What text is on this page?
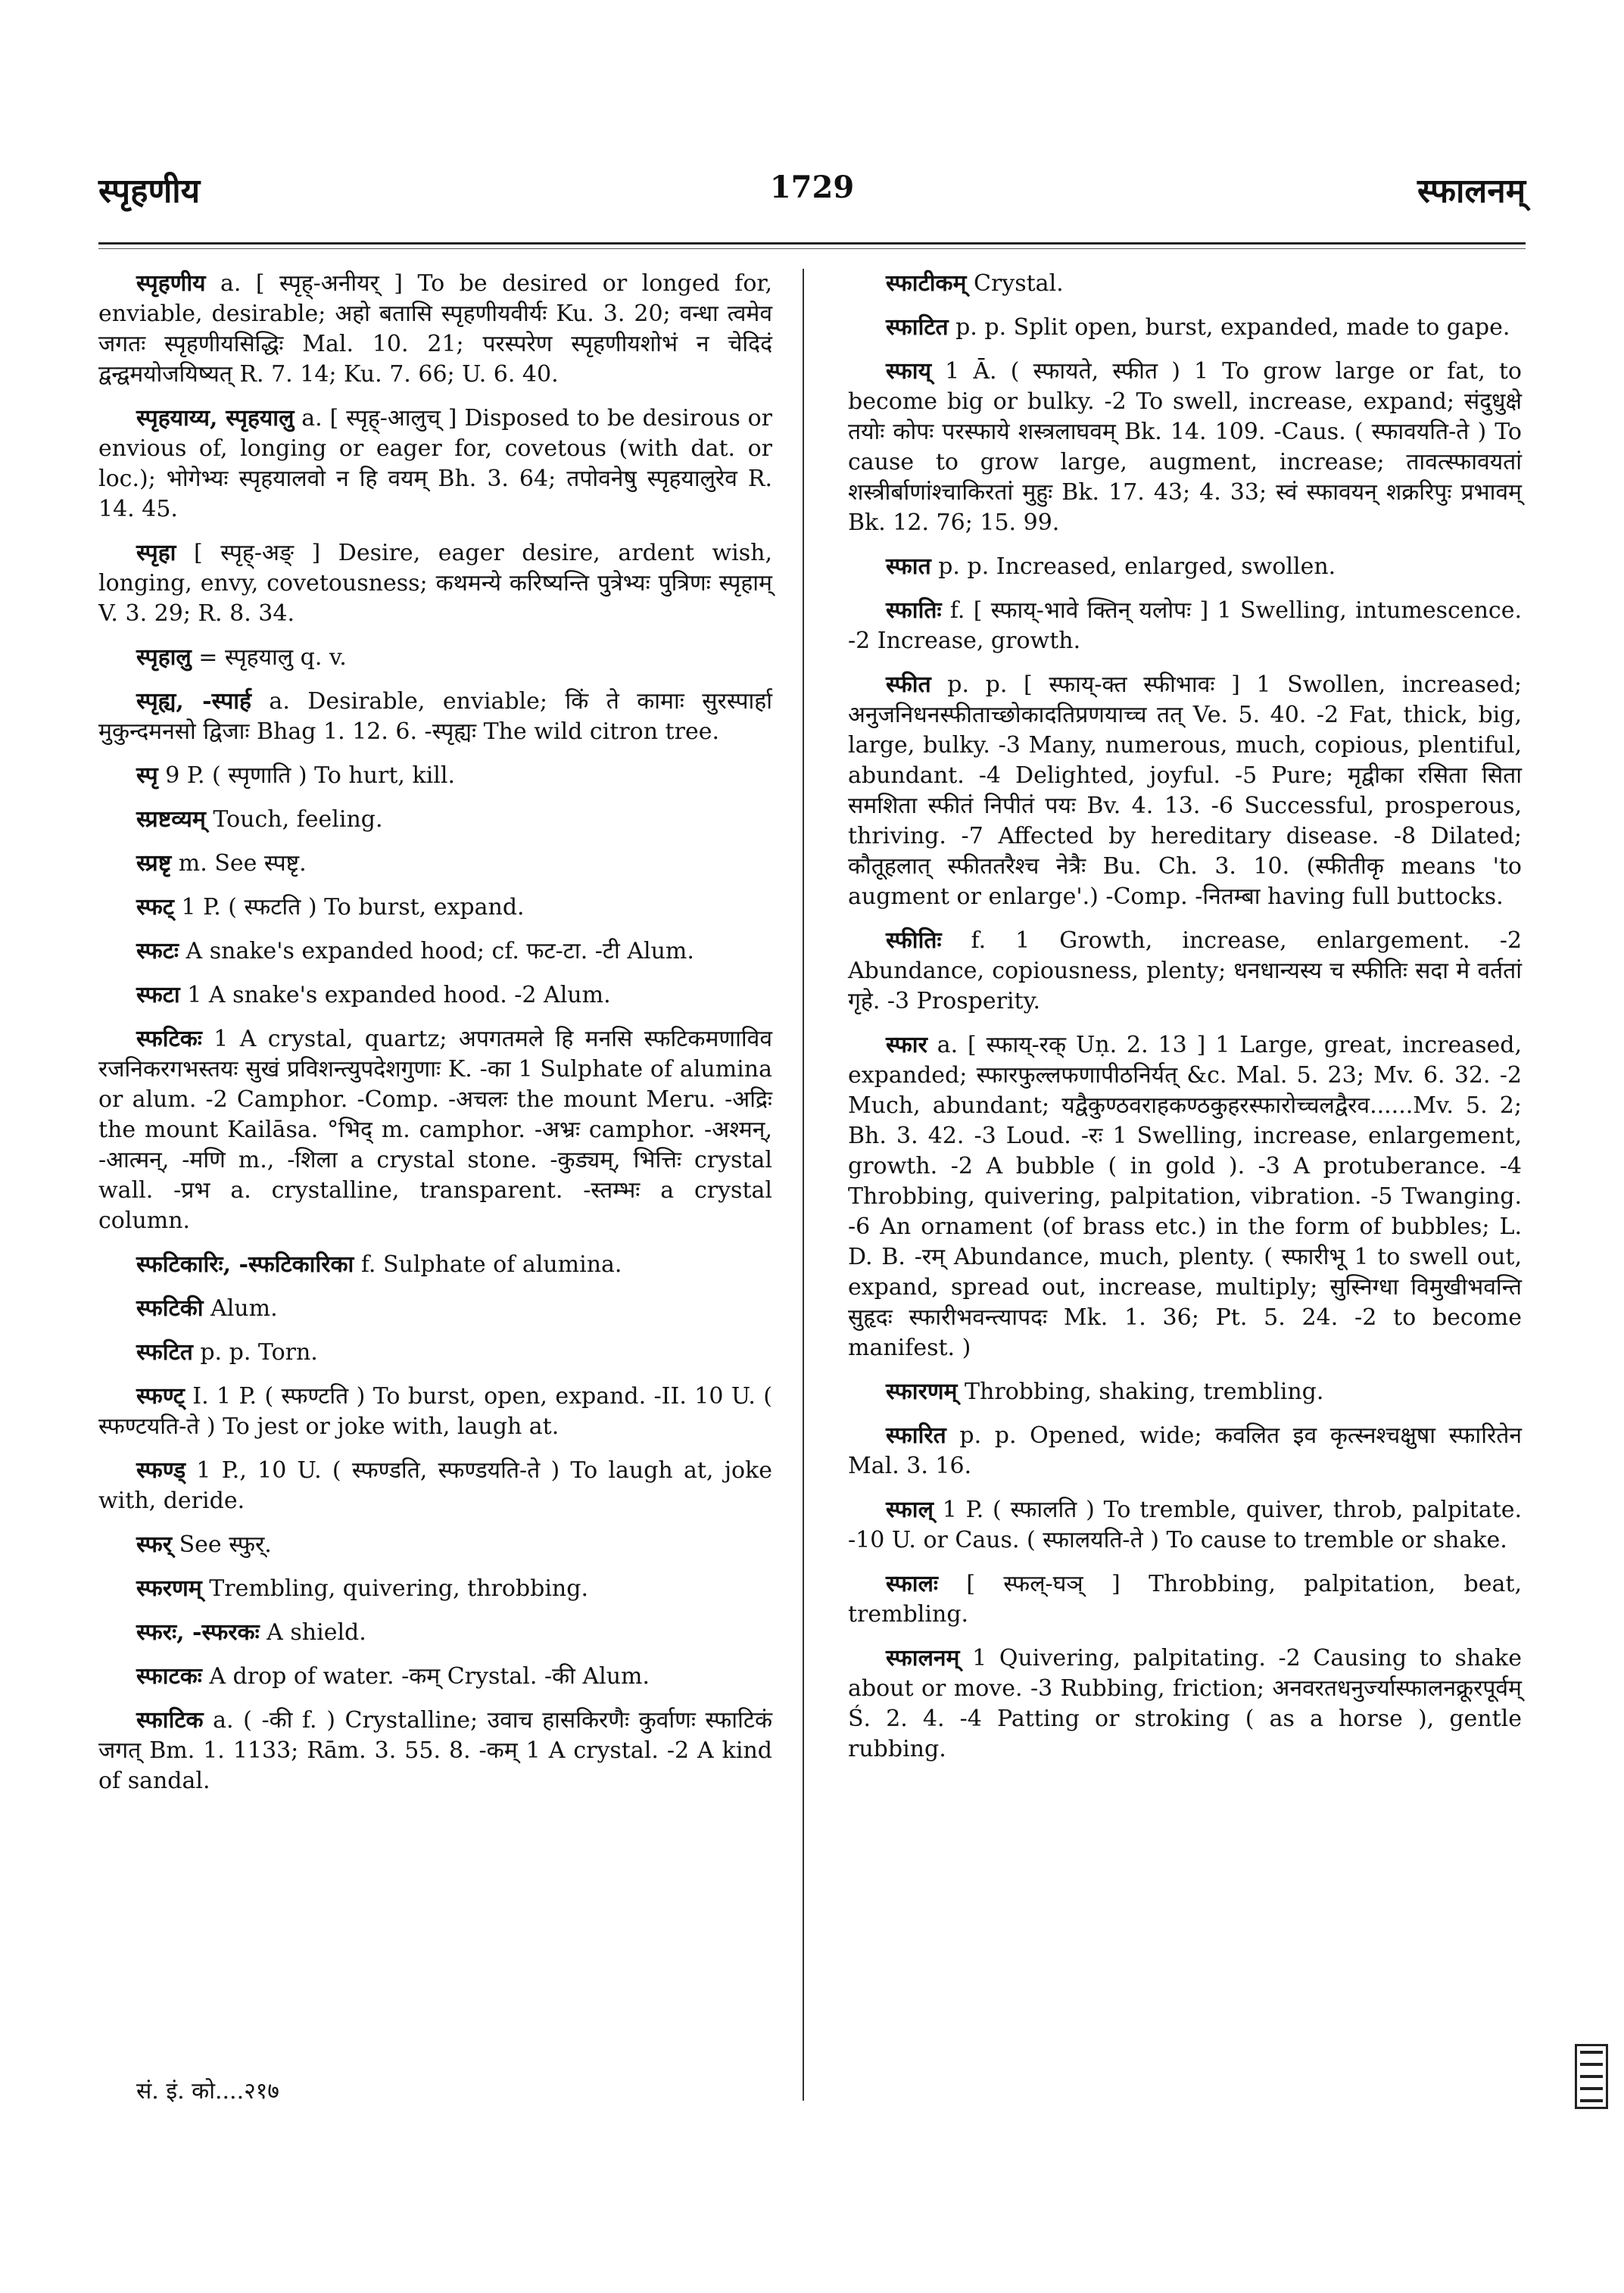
स्पृहणीय	1729	स्फालनम्

स्पृहणीय a. [ स्पृह्-अनीयर् ] To be desired or longed for, enviable, desirable; अहो बतासि स्पृहणीयवीर्यः Ku. 3. 20; वन्धा त्वमेव जगतः स्पृहणीयसिद्धिः Mal. 10. 21; परस्परेण स्पृहणीयशोभं न चेदिदं द्वन्द्वमयोजयिष्यत् R. 7. 14; Ku. 7. 66; U. 6. 40.

स्पृहयाय्य, स्पृहयालु a. [ स्पृह्-आलुच् ] Disposed to be desirous or envious of, longing or eager for, covetous (with dat. or loc.); भोगेभ्यः स्पृहयालवो न हि वयम् Bh. 3. 64; तपोवनेषु स्पृहयालुरेव R. 14. 45.

स्पृहा [ स्पृह्-अङ् ] Desire, eager desire, ardent wish, longing, envy, covetousness; कथमन्ये करिष्यन्ति पुत्रेभ्यः पुत्रिणः स्पृहाम् V. 3. 29; R. 8. 34.

स्पृहालु = स्पृहयालु q. v.

स्पृह्य, -स्पार्ह a. Desirable, enviable; किं ते कामाः सुरस्पार्हा मुकुन्दमनसो द्विजाः Bhag 1. 12. 6. -स्पृह्यः The wild citron tree.

स्पृ 9 P. ( स्पृणाति ) To hurt, kill.

स्प्रष्टव्यम् Touch, feeling.

स्प्रष्टृ m. See स्पष्टृ.

स्फट् 1 P. ( स्फटति ) To burst, expand.

स्फटः A snake's expanded hood; cf. फट-टा. -टी Alum.

स्फटा 1 A snake's expanded hood. -2 Alum.

स्फटिकः 1 A crystal, quartz; अपगतमले हि मनसि स्फटिकमणाविव रजनिकरगभस्तयः सुखं प्रविशन्त्युपदेशगुणाः K. -का 1 Sulphate of alumina or alum. -2 Camphor. -Comp. -अचलः the mount Meru. -अद्रिः the mount Kailāsa. °भिद् m. camphor. -अभ्रः camphor. -अश्मन्, -आत्मन्, -मणि m., -शिला a crystal stone. -कुड्यम्, भित्तिः crystal wall. -प्रभ a. crystalline, transparent. -स्तम्भः a crystal column.

स्फटिकारिः, -स्फटिकारिका f. Sulphate of alumina.

स्फटिकी Alum.

स्फटित p. p. Torn.

स्फण्ट् I. 1 P. ( स्फण्टति ) To burst, open, expand. -II. 10 U. ( स्फण्टयति-ते ) To jest or joke with, laugh at.

स्फण्ड् 1 P., 10 U. ( स्फण्डति, स्फण्डयति-ते ) To laugh at, joke with, deride.

स्फर् See स्फुर्.

स्फरणम् Trembling, quivering, throbbing.

स्फरः, -स्फरकः A shield.

स्फाटकः A drop of water. -कम् Crystal. -की Alum.

स्फाटिक a. ( -की f. ) Crystalline; उवाच हासकिरणैः कुर्वाणः स्फाटिकं जगत् Bm. 1. 1133; Rām. 3. 55. 8. -कम् 1 A crystal. -2 A kind of sandal.

स्फाटीकम् Crystal.

स्फाटित p. p. Split open, burst, expanded, made to gape.

स्फाय् 1 Ā. ( स्फायते, स्फीत ) 1 To grow large or fat, to become big or bulky. -2 To swell, increase, expand; संदुधुक्षे तयोः कोपः परस्फाये शस्त्रलाघवम् Bk. 14. 109. -Caus. ( स्फावयति-ते ) To cause to grow large, augment, increase; तावत्स्फावयतां शस्त्रीर्बाणांश्चाकिरतां मुहुः Bk. 17. 43; 4. 33; स्वं स्फावयन् शक्ररिपुः प्रभावम् Bk. 12. 76; 15. 99.

स्फात p. p. Increased, enlarged, swollen.

स्फातिः f. [ स्फाय्-भावे क्तिन् यलोपः ] 1 Swelling, intumescence. -2 Increase, growth.

स्फीत p. p. [ स्फाय्-क्त स्फीभावः ] 1 Swollen, increased; अनुजनिधनस्फीताच्छोकादतिप्रणयाच्च तत् Ve. 5. 40. -2 Fat, thick, big, large, bulky. -3 Many, numerous, much, copious, plentiful, abundant. -4 Delighted, joyful. -5 Pure; मृद्वीका रसिता सिता समशिता स्फीतं निपीतं पयः Bv. 4. 13. -6 Successful, prosperous, thriving. -7 Affected by hereditary disease. -8 Dilated; कौतूहलात् स्फीततरैश्च नेत्रैः Bu. Ch. 3. 10. (स्फीतीकृ means 'to augment or enlarge'.) -Comp. -नितम्बा having full buttocks.

स्फीतिः f. 1 Growth, increase, enlargement. -2 Abundance, copiousness, plenty; धनधान्यस्य च स्फीतिः सदा मे वर्ततां गृहे. -3 Prosperity.

स्फार a. [ स्फाय्-रक् Uṇ. 2. 13 ] 1 Large, great, increased, expanded; स्फारफुल्लफणापीठनिर्यत् &c. Mal. 5. 23; Mv. 6. 32. -2 Much, abundant; यद्वैकुण्ठवराहकण्ठकुहरस्फारोच्चलद्वैरव......Mv. 5. 2; Bh. 3. 42. -3 Loud. -रः 1 Swelling, increase, enlargement, growth. -2 A bubble ( in gold ). -3 A protuberance. -4 Throbbing, quivering, palpitation, vibration. -5 Twanging. -6 An ornament (of brass etc.) in the form of bubbles; L. D. B. -रम् Abundance, much, plenty. ( स्फारीभू 1 to swell out, expand, spread out, increase, multiply; सुस्निग्धा विमुखीभवन्ति सुहृदः स्फारीभवन्त्यापदः Mk. 1. 36; Pt. 5. 24. -2 to become manifest. )

स्फारणम् Throbbing, shaking, trembling.

स्फारित p. p. Opened, wide; कवलित इव कृत्स्नश्चक्षुषा स्फारितेन Mal. 3. 16.

स्फाल् 1 P. ( स्फालति ) To tremble, quiver, throb, palpitate. -10 U. or Caus. ( स्फालयति-ते ) To cause to tremble or shake.

स्फालः [ स्फल्-घञ् ] Throbbing, palpitation, beat, trembling.

स्फालनम् 1 Quivering, palpitating. -2 Causing to shake about or move. -3 Rubbing, friction; अनवरतधनुर्ज्यास्फालनक्रूरपूर्वम् Ś. 2. 4. -4 Patting or stroking ( as a horse ), gentle rubbing.

सं. इं. को....२१७
